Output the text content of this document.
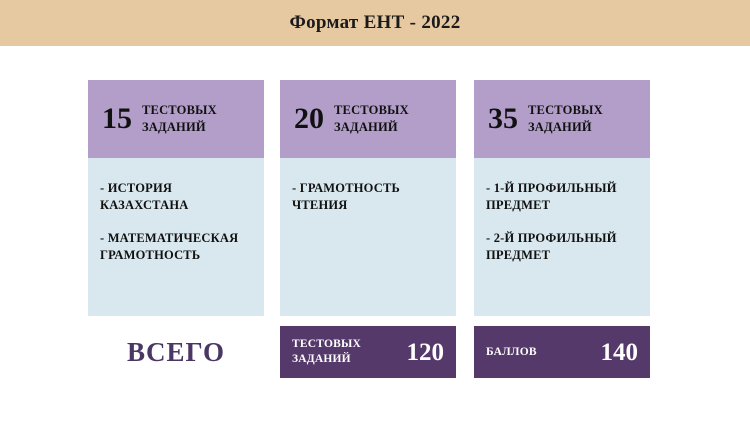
Формат ЕНТ - 2022
15 ТЕСТОВЫХ ЗАДАНИЙ

- ИСТОРИЯ КАЗАХСТАНА

- МАТЕМАТИЧЕСКАЯ ГРАМОТНОСТЬ

20 ТЕСТОВЫХ ЗАДАНИЙ

- ГРАМОТНОСТЬ ЧТЕНИЯ

35 ТЕСТОВЫХ ЗАДАНИЙ

- 1-Й ПРОФИЛЬНЫЙ ПРЕДМЕТ

- 2-Й ПРОФИЛЬНЫЙ ПРЕДМЕТ

ВСЕГО	ТЕСТОВЫХ ЗАДАНИЙ	120	БАЛЛОВ	140
